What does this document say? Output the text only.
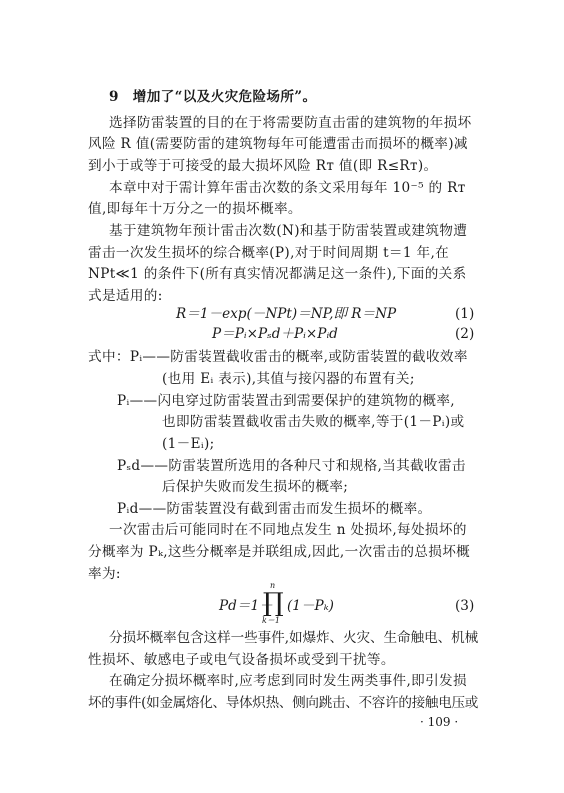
9　增加了“以及火灾危险场所”。
选择防雷装置的目的在于将需要防直击雷的建筑物的年损坏
风险 R 值(需要防雷的建筑物每年可能遭雷击而损坏的概率)减
到小于或等于可接受的最大损坏风险 Rᴛ 值(即 R≤Rᴛ)。
本章中对于需计算年雷击次数的条文采用每年 10⁻⁵ 的 Rᴛ
值,即每年十万分之一的损坏概率。
基于建筑物年预计雷击次数(N)和基于防雷装置或建筑物遭
雷击一次发生损坏的综合概率(P),对于时间周期 t＝1 年,在
NPt≪1 的条件下(所有真实情况都满足这一条件),下面的关系
式是适用的:
R＝1－exp(－NPt)＝NP,即 R＝NP	(1)
P＝Pᵢ×Pₛd＋Pᵢ×Pᵢd	(2)
式中：Pᵢ——防雷装置截收雷击的概率,或防雷装置的截收效率
(也用 Eᵢ 表示),其值与接闪器的布置有关;
Pᵢ——闪电穿过防雷装置击到需要保护的建筑物的概率,
也即防雷装置截收雷击失败的概率,等于(1－Pᵢ)或
(1－Eᵢ);
Pₛd——防雷装置所选用的各种尺寸和规格,当其截收雷击
后保护失败而发生损坏的概率;
Pᵢd——防雷装置没有截到雷击而发生损坏的概率。
一次雷击后可能同时在不同地点发生 n 处损坏,每处损坏的
分概率为 Pₖ,这些分概率是并联组成,因此,一次雷击的总损坏概
率为:
Pd＝1－
n
∏
k＝1
(1－Pₖ)	(3)
分损坏概率包含这样一些事件,如爆炸、火灾、生命触电、机械
性损坏、敏感电子或电气设备损坏或受到干扰等。
在确定分损坏概率时,应考虑到同时发生两类事件,即引发损
坏的事件(如金属熔化、导体炽热、侧向跳击、不容许的接触电压或
· 109 ·
